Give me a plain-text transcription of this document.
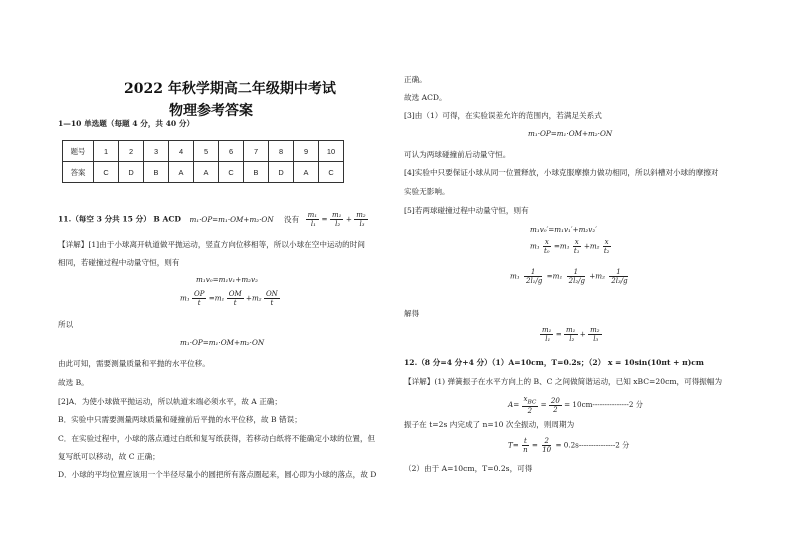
2022 年秋学期高二年级期中考试
物理参考答案
1—10 单选题（每题 4 分，共 40 分）
题号	1	2	3	4	5	6	7	8	9	10
答案	C	D	B	A	A	C	B	D	A	C
11.（每空 3 分共 15 分） B ACD m₁·OP=m₁·OM+m₂·ON 没有 $\frac{\text{m₁}}{\text{l₁}} = \frac{\text{m₁}}{\text{l₂}} + \frac{\text{m₂}}{\text{l₃}}$
【详解】[1]由于小球离开轨道做平抛运动，竖直方向位移相等，所以小球在空中运动的时间
相同，若碰撞过程中动量守恒，则有
m₁v₀=m₁v₁+m₂v₂
$m_1 \frac{OP}{t} =m_1 \frac{OM}{t} +m_2 \frac{ON}{t}$
所以
m₁·OP=m₁·OM+m₂·ON
由此可知，需要测量质量和平抛的水平位移。
故选 B。
[2]A．为使小球做平抛运动，所以轨道末端必须水平，故 A 正确；
B．实验中只需要测量两球质量和碰撞前后平抛的水平位移，故 B 错误；
C．在实验过程中，小球的落点通过白纸和复写纸获得，若移动白纸将不能确定小球的位置，但
复写纸可以移动，故 C 正确；
D．小球的平均位置应该用一个半径尽量小的圆把所有落点圈起来，圆心即为小球的落点，故 D
正确。
故选 ACD。
[3]由（1）可得，在实验误差允许的范围内，若满足关系式
m₁·OP=m₁·OM+m₂·ON
可认为两球碰撞前后动量守恒。
[4]实验中只要保证小球从同一位置释放，小球克服摩擦力做功相同，所以斜槽对小球的摩擦对
实验无影响。
[5]若两球碰撞过程中动量守恒，则有
m₁v₀′=m₁v₁′+m₂v₂′
$m_1 \frac{x}{\text{t₀}} =m_1 \frac{x}{\text{t₁}} +m_2 \frac{x}{\text{t₂}}$
$m_1 \frac{1}{\text{2l₁/g}} =m_1 \frac{1}{\text{2l₂/g}} +m_2 \frac{1}{\text{2l₃/g}}$
解得
$\frac{\text{m₁}}{\text{l₁}} = \frac{\text{m₁}}{\text{l₂}} + \frac{\text{m₂}}{\text{l₃}}$
12.（8 分=4 分+4 分）（1）A=10cm，T=0.2s；（2） x = 10sin(10πt + π)cm
【详解】(1) 弹簧振子在水平方向上的 B、C 之间做简谐运动，已知 xBC=20cm，可得振幅为
$A= \frac{x_{BC}}{2} = \frac{20}{2} = 10cm---------------2$ 分
振子在 t=2s 内完成了 n=10 次全振动，则周期为
$T= \frac{t}{n} = \frac{2}{10} = 0.2s---------------2$ 分
（2）由于 A=10cm，T=0.2s，可得
